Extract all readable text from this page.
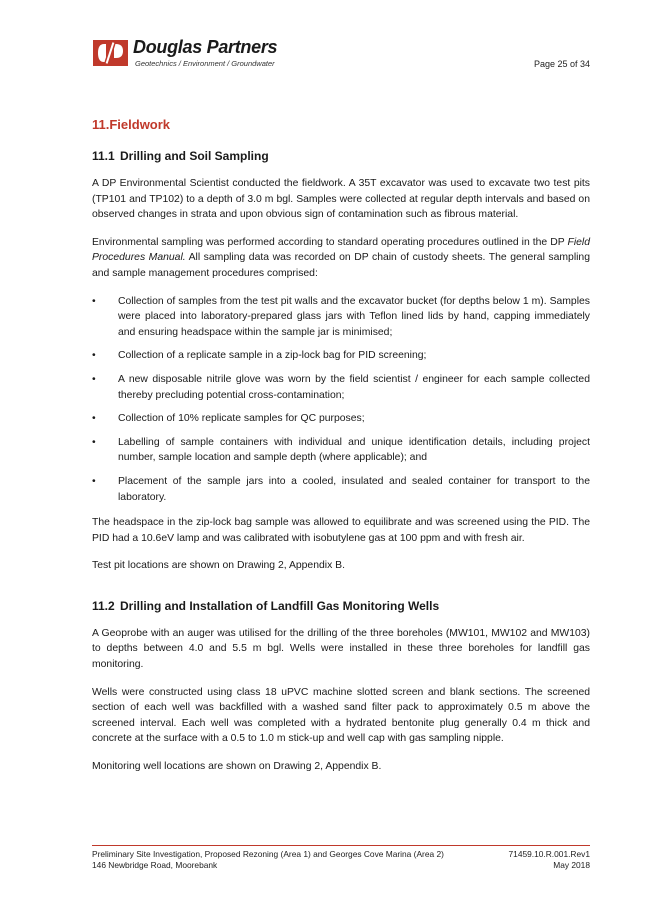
Douglas Partners
Geotechnics / Environment / Groundwater	Page 25 of 34
11.Fieldwork
11.1 Drilling and Soil Sampling

A DP Environmental Scientist conducted the fieldwork. A 35T excavator was used to excavate two test pits (TP101 and TP102) to a depth of 3.0 m bgl. Samples were collected at regular depth intervals and based on observed changes in strata and upon obvious sign of contamination such as fibrous material.

Environmental sampling was performed according to standard operating procedures outlined in the DP Field Procedures Manual. All sampling data was recorded on DP chain of custody sheets. The general sampling and sample management procedures comprised:

• Collection of samples from the test pit walls and the excavator bucket (for depths below 1 m). Samples were placed into laboratory-prepared glass jars with Teflon lined lids by hand, capping immediately and ensuring headspace within the sample jar is minimised;
• Collection of a replicate sample in a zip-lock bag for PID screening;
• A new disposable nitrile glove was worn by the field scientist / engineer for each sample collected thereby precluding potential cross-contamination;
• Collection of 10% replicate samples for QC purposes;
• Labelling of sample containers with individual and unique identification details, including project number, sample location and sample depth (where applicable); and
• Placement of the sample jars into a cooled, insulated and sealed container for transport to the laboratory.

The headspace in the zip-lock bag sample was allowed to equilibrate and was screened using the PID. The PID had a 10.6eV lamp and was calibrated with isobutylene gas at 100 ppm and with fresh air.

Test pit locations are shown on Drawing 2, Appendix B.

11.2 Drilling and Installation of Landfill Gas Monitoring Wells

A Geoprobe with an auger was utilised for the drilling of the three boreholes (MW101, MW102 and MW103) to depths between 4.0 and 5.5 m bgl. Wells were installed in these three boreholes for landfill gas monitoring.

Wells were constructed using class 18 uPVC machine slotted screen and blank sections. The screened section of each well was backfilled with a washed sand filter pack to approximately 0.5 m above the screened interval. Each well was completed with a hydrated bentonite plug generally 0.4 m thick and concrete at the surface with a 0.5 to 1.0 m stick-up and well cap with gas sampling nipple.

Monitoring well locations are shown on Drawing 2, Appendix B.

Preliminary Site Investigation, Proposed Rezoning (Area 1) and Georges Cove Marina (Area 2)	71459.10.R.001.Rev1
146 Newbridge Road, Moorebank	May 2018
